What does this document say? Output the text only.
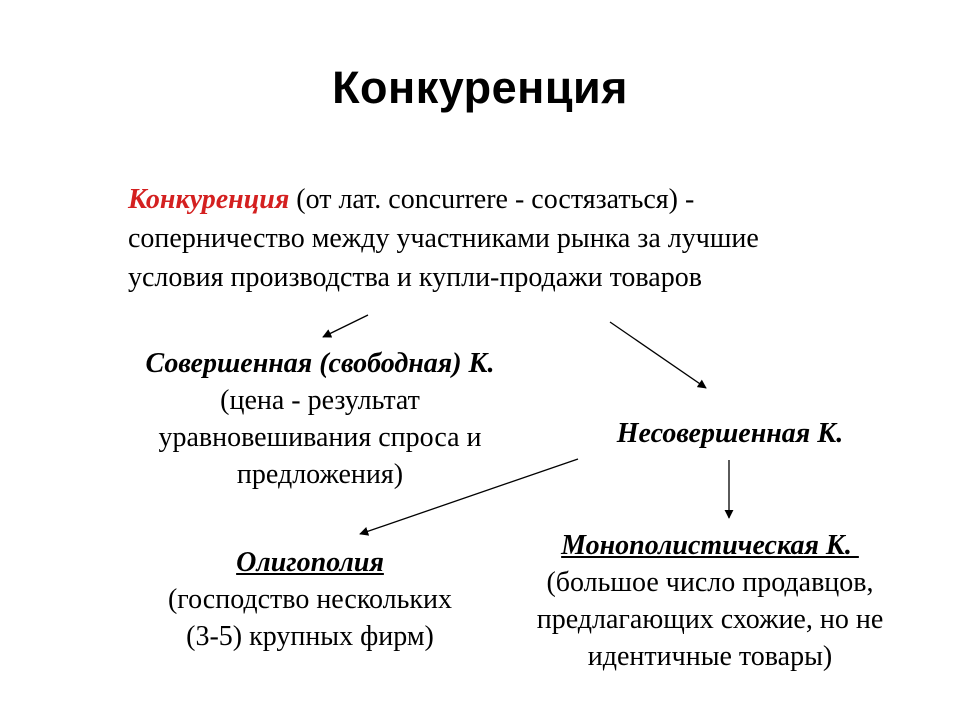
Конкуренция
Конкуренция (от лат. concurrere - состязаться) - соперничество между участниками рынка за лучшие условия производства и купли-продажи товаров
Совершенная (свободная) К.
(цена - результат
уравновешивания спроса и
предложения)
Несовершенная К.
Олигополия
(господство нескольких
(3-5) крупных фирм)
Монополистическая К.
(большое число продавцов,
предлагающих схожие, но не
идентичные товары)
